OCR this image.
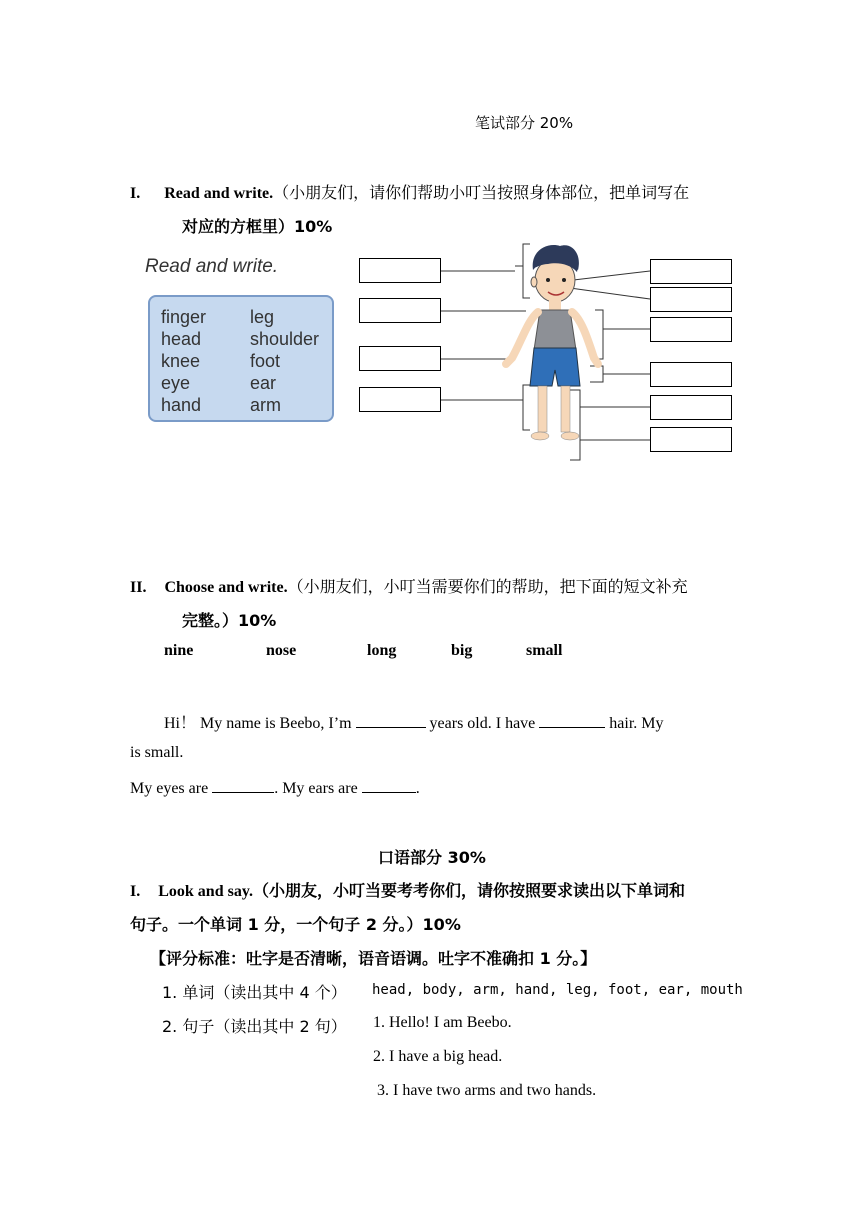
笔试部分 20%
I. Read and write.（小朋友们，请你们帮助小叮当按照身体部位，把单词写在
对应的方框里）10%
Read and write.
finger leg
head	shoulder
knee	foot
eye	ear
hand	arm
II. Choose and write.（小朋友们，小叮当需要你们的帮助，把下面的短文补充
完整。）10%
nine	nose	long	big	small
Hi！ My name is Beebo, I’m	years old. I have	hair. My
is small.
My eyes are	. My ears are	.
口语部分 30%
I. Look and say.（小朋友，小叮当要考考你们，请你按照要求读出以下单词和
句子。一个单词 1 分，一个句子 2 分。）10%
【评分标准：吐字是否清晰，语音语调。吐字不准确扣 1 分。】
1. 单词（读出其中 4 个） head, body, arm, hand, leg, foot, ear, mouth
2. 句子（读出其中 2 句） 1. Hello! I am Beebo.
2. I have a big head.
3. I have two arms and two hands.
